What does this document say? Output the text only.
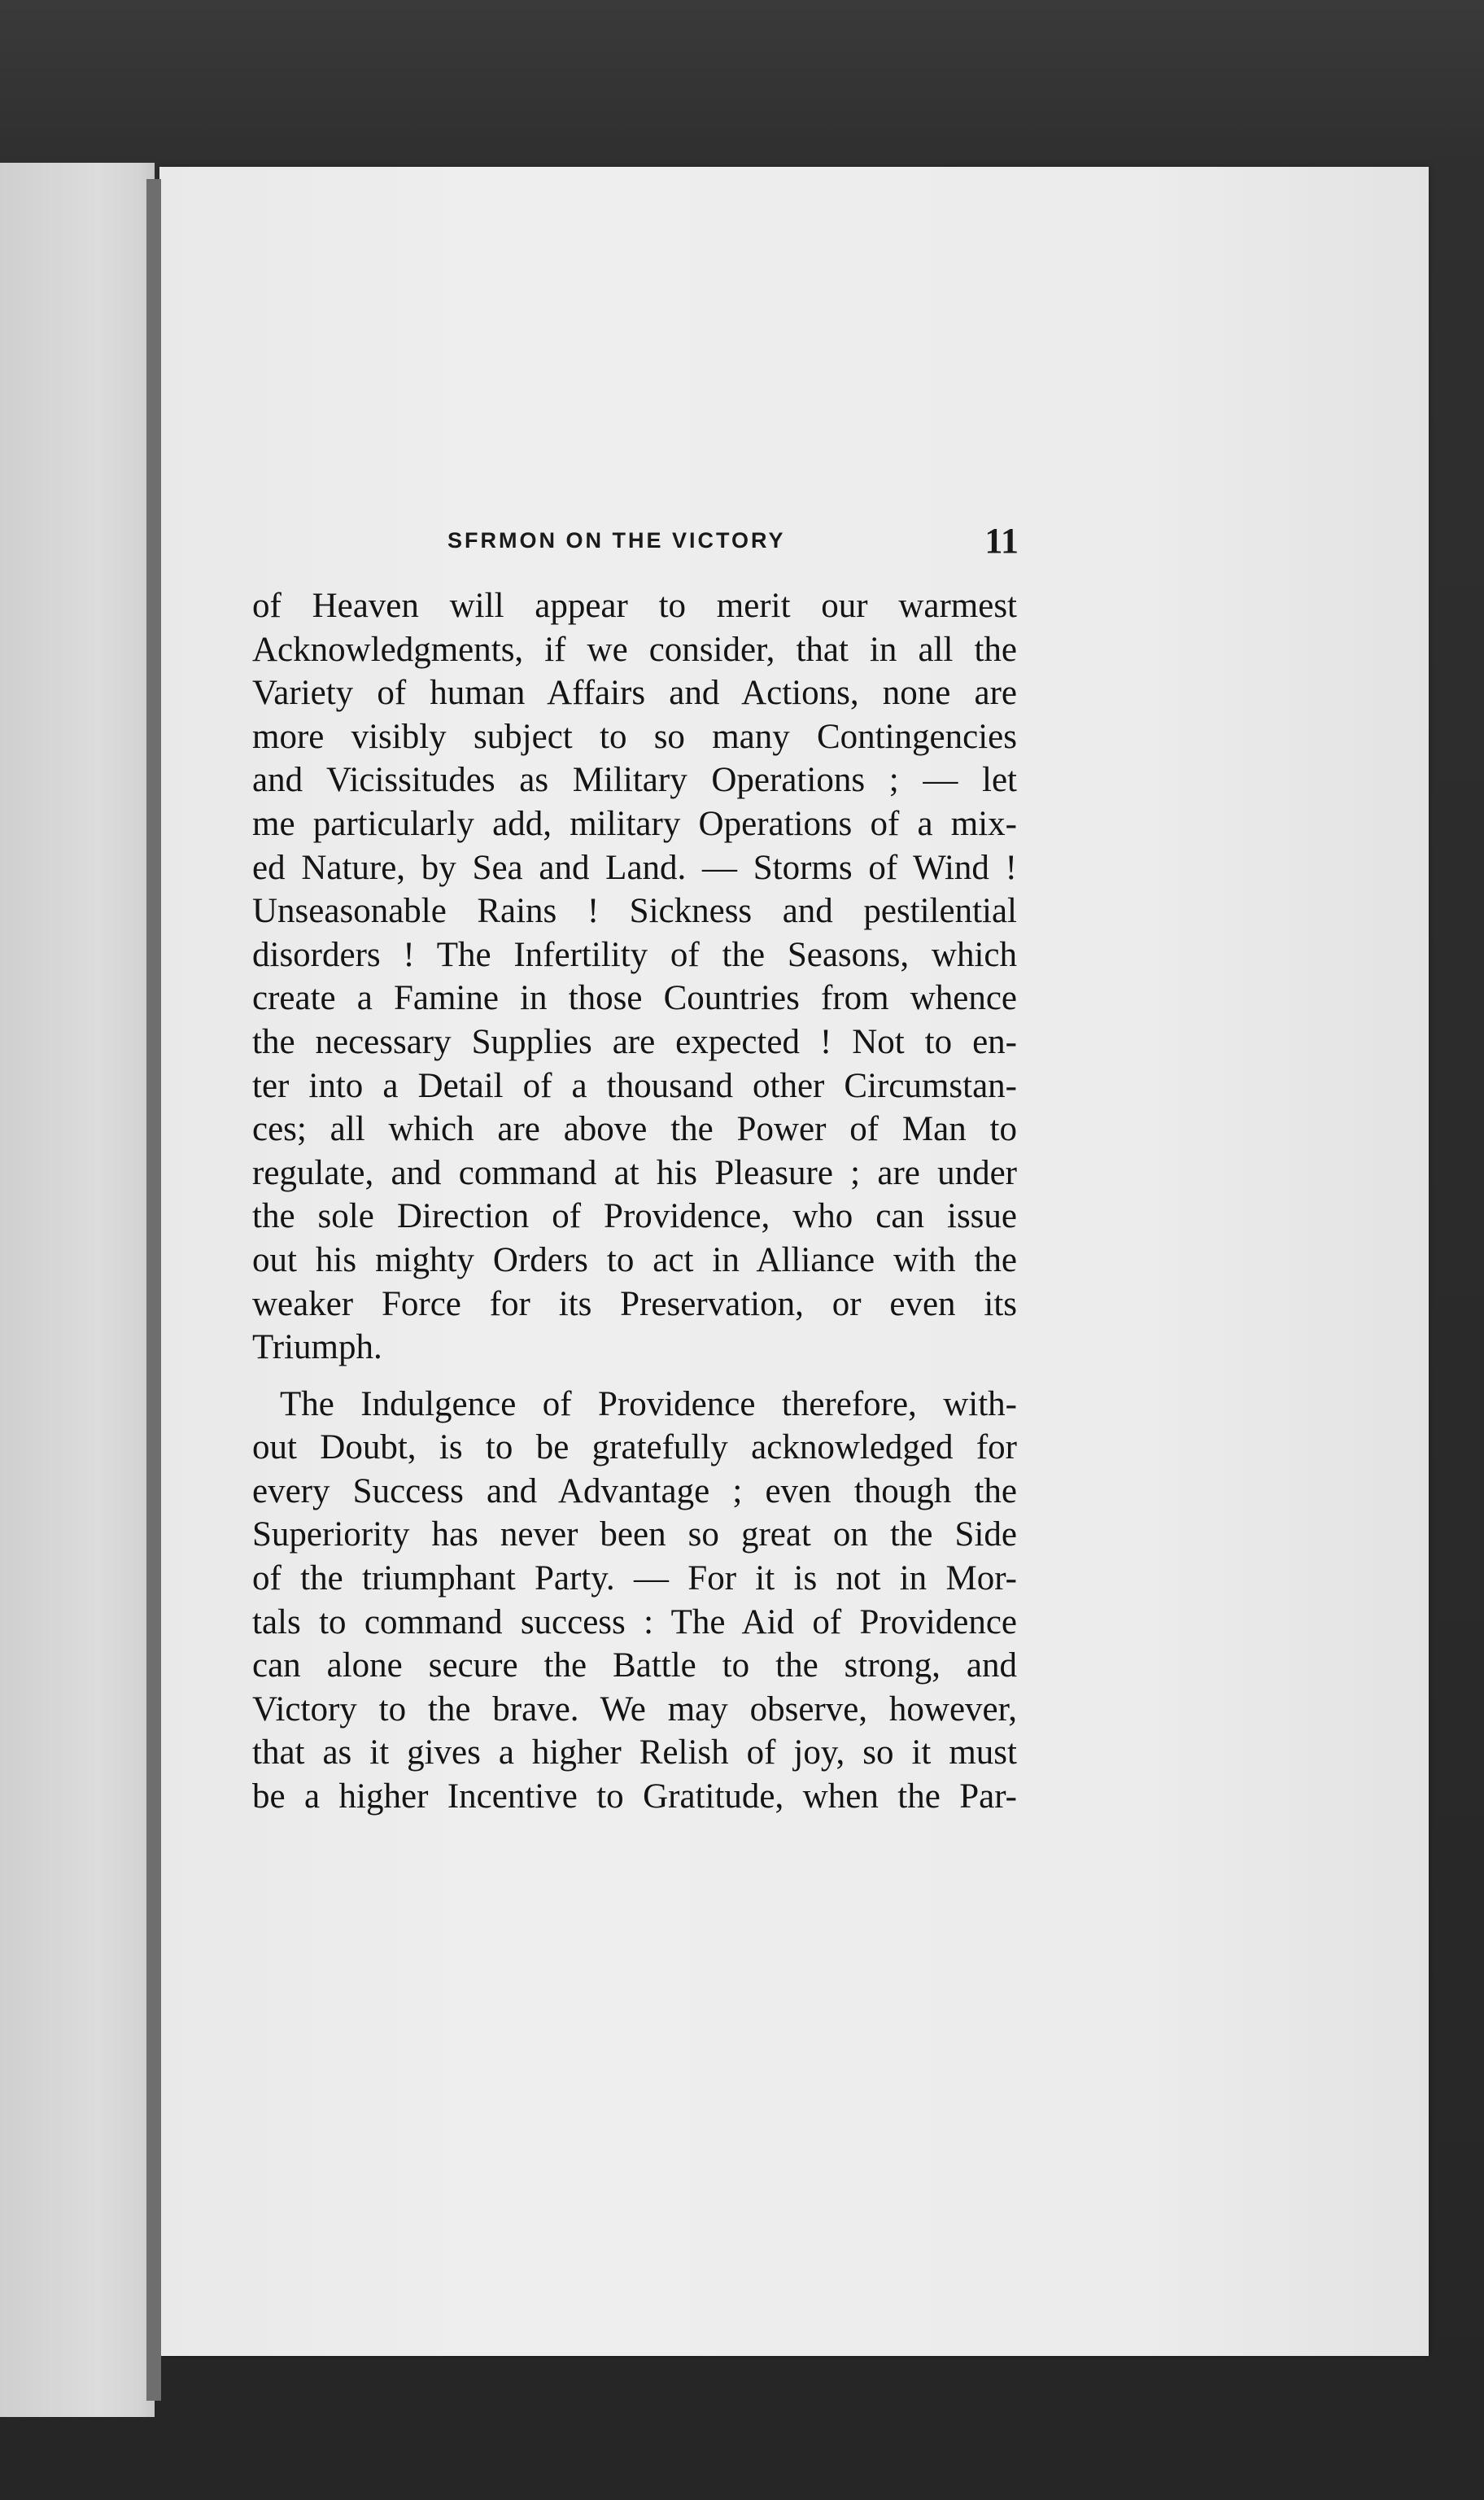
SFRMON ON THE VICTORY	11
of Heaven will appear to merit our warmest
Acknowledgments, if we consider, that in all the
Variety of human Affairs and Actions, none are
more visibly subject to so many Contingencies
and Vicissitudes as Military Operations ; — let
me particularly add, military Operations of a mix-
ed Nature, by Sea and Land. — Storms of Wind !
Unseasonable Rains ! Sickness and pestilential
disorders ! The Infertility of the Seasons, which
create a Famine in those Countries from whence
the necessary Supplies are expected ! Not to en-
ter into a Detail of a thousand other Circumstan-
ces; all which are above the Power of Man to
regulate, and command at his Pleasure ; are under
the sole Direction of Providence, who can issue
out his mighty Orders to act in Alliance with the
weaker Force for its Preservation, or even its
Triumph.
The Indulgence of Providence therefore, with-
out Doubt, is to be gratefully acknowledged for
every Success and Advantage ; even though the
Superiority has never been so great on the Side
of the triumphant Party. — For it is not in Mor-
tals to command success : The Aid of Providence
can alone secure the Battle to the strong, and
Victory to the brave. We may observe, however,
that as it gives a higher Relish of joy, so it must
be a higher Incentive to Gratitude, when the Par-
